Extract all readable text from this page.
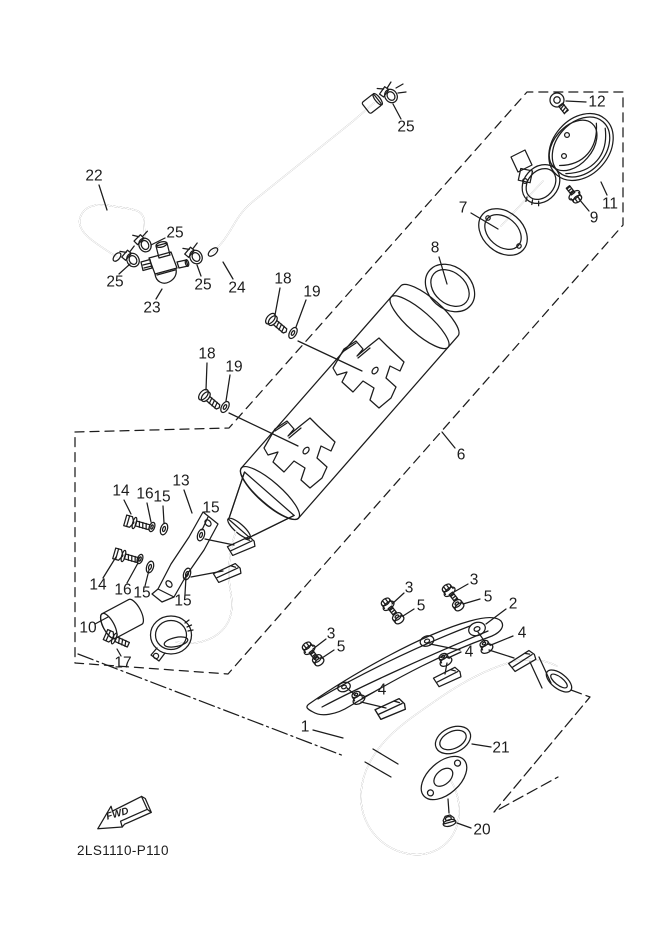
22
25
25
23
25 24
25
12
11
9
7
8
18
19
18
19
6
13
14 16 15
15
14 16 15 15
10
17
3
5
3
5
3
5 2
4
4
4
1
21
20
FWD
2LS1110-P110
